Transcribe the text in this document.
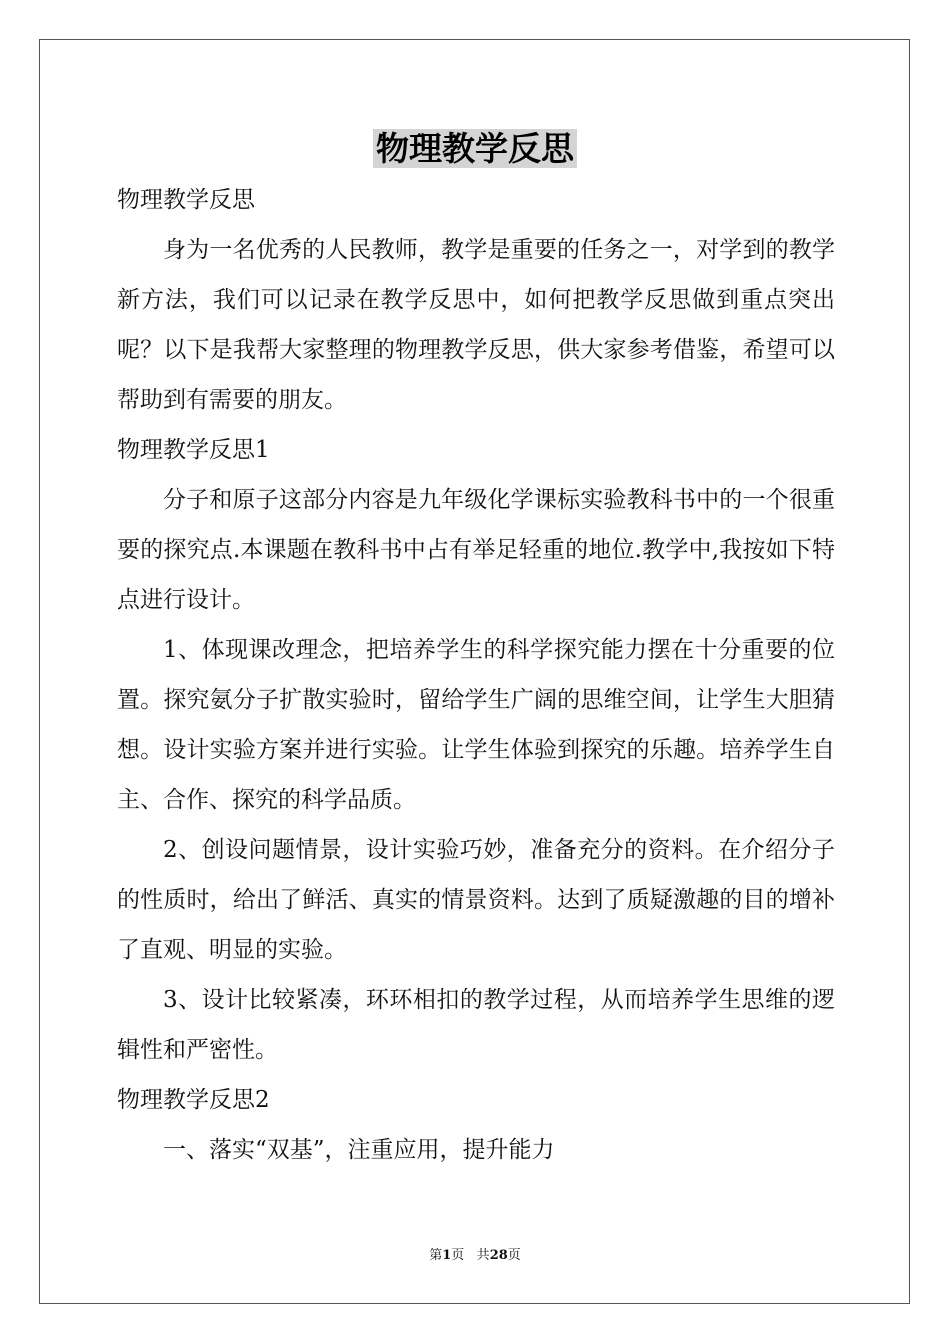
物理教学反思

物理教学反思

身为一名优秀的人民教师，教学是重要的任务之一，对学到的教学新方法，我们可以记录在教学反思中，如何把教学反思做到重点突出呢？以下是我帮大家整理的物理教学反思，供大家参考借鉴，希望可以帮助到有需要的朋友。

物理教学反思1

分子和原子这部分内容是九年级化学课标实验教科书中的一个很重要的探究点.本课题在教科书中占有举足轻重的地位.教学中,我按如下特点进行设计。

1、体现课改理念，把培养学生的科学探究能力摆在十分重要的位置。探究氨分子扩散实验时，留给学生广阔的思维空间，让学生大胆猜想。设计实验方案并进行实验。让学生体验到探究的乐趣。培养学生自主、合作、探究的科学品质。

2、创设问题情景，设计实验巧妙，准备充分的资料。在介绍分子的性质时，给出了鲜活、真实的情景资料。达到了质疑激趣的目的增补了直观、明显的实验。

3、设计比较紧凑，环环相扣的教学过程，从而培养学生思维的逻辑性和严密性。

物理教学反思2

一、落实“双基”，注重应用，提升能力

第1页 共28页
